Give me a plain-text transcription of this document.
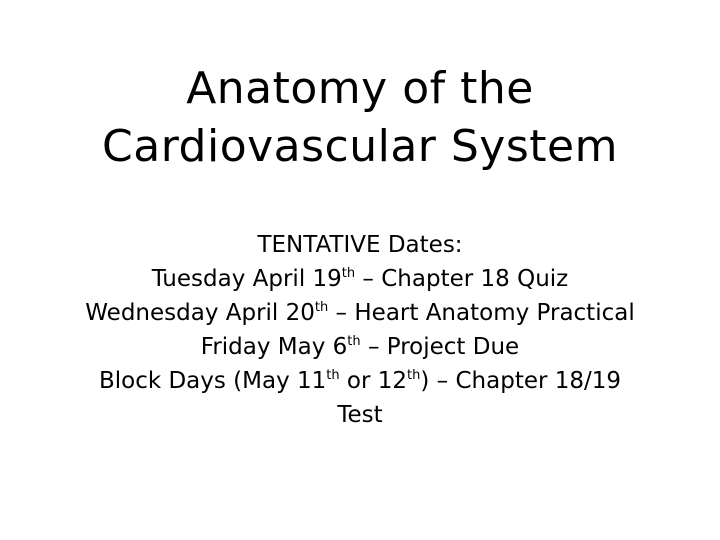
Anatomy of the
Cardiovascular System
TENTATIVE Dates:
Tuesday April 19th – Chapter 18 Quiz
Wednesday April 20th – Heart Anatomy Practical
Friday May 6th – Project Due
Block Days (May 11th or 12th) – Chapter 18/19
Test
